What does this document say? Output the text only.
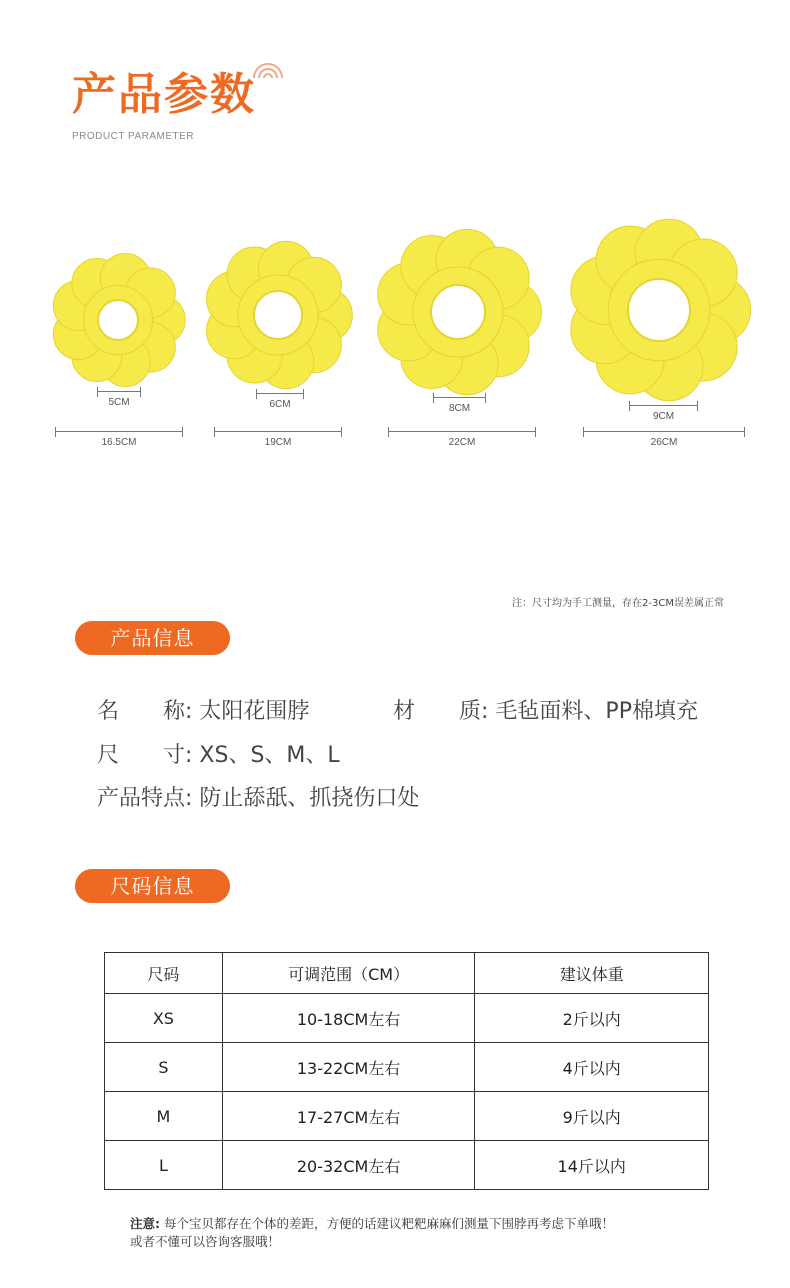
产品参数
PRODUCT PARAMETER
5CM
16.5CM
6CM
19CM
8CM
22CM
9CM
26CM
注：尺寸均为手工测量，存在2-3CM误差属正常
产品信息
名　　称: 太阳花围脖	材　　质: 毛毡面料、PP棉填充
尺　　寸: XS、S、M、L
产品特点: 防止舔舐、抓挠伤口处
尺码信息
尺码	可调范围（CM）	建议体重
XS	10-18CM左右	2斤以内
S	13-22CM左右	4斤以内
M	17-27CM左右	9斤以内
L	20-32CM左右	14斤以内
注意: 每个宝贝都存在个体的差距，方便的话建议粑粑麻麻们测量下围脖再考虑下单哦！
或者不懂可以咨询客服哦！
